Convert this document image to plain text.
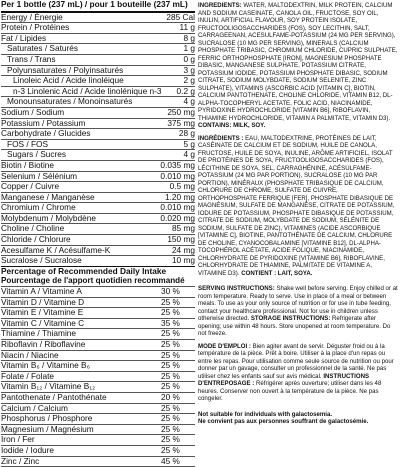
Per 1 bottle (237 mL) / pour 1 bouteille (237 mL)
Energy / Énergie	285 Cal
Protein / Protéines	11 g
Fat / Lipides	8 g
Saturates / Saturés	1 g
Trans / Trans	0 g
Polyunsaturates / Polyinsaturés	3 g
Linoleic Acid / Acide linoléique	2 g
n-3 Linolenic Acid / Acide linolénique n-3	0.2 g
Monounsaturates / Monoinsaturés	4 g
Sodium / Sodium	250 mg
Potassium / Potassium	375 mg
Carbohydrate / Glucides	28 g
FOS / FOS	5 g
Sugars / Sucres	4 g
Biotin / Biotine	0.035 mg
Selenium / Sélénium	0.010 mg
Copper / Cuivre	0.5 mg
Manganese / Manganèse	1.20 mg
Chromium / Chrome	0.010 mg
Molybdenum / Molybdène	0.020 mg
Choline / Choline	85 mg
Chloride / Chlorure	150 mg
Acesulfame K / Acésulfame-K	24 mg
Sucralose / Sucralose	10 mg
Percentage of Recommended Daily Intake
Pourcentage de l'apport quotidien recommandé
Vitamin A / Vitamine A	30 %
Vitamin D / Vitamine D	25 %
Vitamin E / Vitamine E	25 %
Vitamin C / Vitamine C	35 %
Thiamine / Thiamine	25 %
Riboflavin / Riboflavine	25 %
Niacin / Niacine	25 %
Vitamin B₆ / Vitamine B₆	25 %
Folate / Folate	25 %
Vitamin B₁₂ / Vitamine B₁₂	25 %
Pantothenate / Pantothénate	20 %
Calcium / Calcium	25 %
Phosphorus / Phosphore	25 %
Magnesium / Magnésium	25 %
Iron / Fer	25 %
Iodide / Iodure	25 %
Zinc / Zinc	45 %

INGREDIENTS: WATER, MALTODEXTRIN, MILK PROTEIN, CALCIUM AND SODIUM CASEINATE, CANOLA OIL, FRUCTOSE, SOY OIL, INULIN, ARTIFICIAL FLAVOUR, SOY PROTEIN ISOLATE, FRUCTOOLIGOSACCHARIDES (FOS), SOY LECITHIN, SALT, CARRAGEENAN, ACESULFAME-POTASSIUM (24 MG PER SERVING), SUCRALOSE (10 MG PER SERVING), MINERALS (CALCIUM PHOSPHATE TRIBASIC, CHROMIUM CHLORIDE, CUPRIC SULPHATE, FERRIC ORTHOPHOSPHATE [IRON], MAGNESIUM PHOSPHATE DIBASIC, MANGANESE SULPHATE, POTASSIUM CITRATE, POTASSIUM IODIDE, POTASSIUM PHOSPHATE DIBASIC, SODIUM CITRATE, SODIUM MOLYBDATE, SODIUM SELENITE, ZINC SULPHATE), VITAMINS (ASCORBIC ACID [VITAMIN C], BIOTIN, CALCIUM PANTOTHENATE, CHOLINE CHLORIDE, VITAMIN B12, DL-ALPHA-TOCOPHERYL ACETATE, FOLIC ACID, NIACINAMIDE, PYRIDOXINE HYDROCHLORIDE [VITAMIN B6], RIBOFLAVIN, THIAMINE HYDROCHLORIDE, VITAMIN A PALMITATE, VITAMIN D3). CONTAINS: MILK, SOY.

INGRÉDIENTS : EAU, MALTODEXTRINE, PROTÉINES DE LAIT, CASÉINATE DE CALCIUM ET DE SODIUM, HUILE DE CANOLA, FRUCTOSE, HUILE DE SOYA, INULINE, ARÔME ARTIFICIEL, ISOLAT DE PROTÉINES DE SOYA, FRUCTOOLIGOSACCHARIDES (FOS), LÉCITHINE DE SOYA, SEL, CARRAGHÉNINE, ACÉSULFAME-POTASSIUM (24 MG PAR PORTION), SUCRALOSE (10 MG PAR PORTION), MINÉRAUX (PHOSPHATE TRIBASIQUE DE CALCIUM, CHLORURE DE CHROME, SULFATE DE CUIVRE, ORTHOPHOSPHATE FERRIQUE [FER], PHOSPHATE DIBASIQUE DE MAGNÉSIUM, SULFATE DE MANGANÈSE, CITRATE DE POTASSIUM, IODURE DE POTASSIUM, PHOSPHATE DIBASIQUE DE POTASSIUM, CITRATE DE SODIUM, MOLYBDATE DE SODIUM, SÉLÉNITE DE SODIUM, SULFATE DE ZINC), VITAMINES (ACIDE ASCORBIQUE [VITAMINE C], BIOTINE, PANTOTHÉNATE DE CALCIUM, CHLORURE DE CHOLINE, CYANOCOBALAMINE [VITAMINE B12], DL-ALPHA-TOCOPHÉROL ACÉTATE, ACIDE FOLIQUE, NIACINAMIDE, CHLORHYDRATE DE PYRIDOXINE [VITAMINE B6], RIBOFLAVINE, CHLORHYDRATE DE THIAMINE, PALMITATE DE VITAMINE A, VITAMINE D3). CONTIENT : LAIT, SOYA.

SERVING INSTRUCTIONS: Shake well before serving. Enjoy chilled or at room temperature. Ready to serve. Use in place of a meal or between meals. To use as your only source of nutrition or for use in tube feeding, contact your healthcare professional. Not for use in children unless otherwise directed. STORAGE INSTRUCTIONS: Refrigerate after opening; use within 48 hours. Store unopened at room temperature. Do not freeze.

MODE D'EMPLOI : Bien agiter avant de servir. Déguster froid ou à la température de la pièce. Prêt à boire. Utiliser à la place d'un repas ou entre les repas. Pour utilisation comme seule source de nutrition ou pour donner par un gavage, consulter un professionnel de la santé. Ne pas utiliser chez les enfants sauf sur avis médical. INSTRUCTIONS D'ENTREPOSAGE : Réfrigérer après ouverture; utiliser dans les 48 heures. Conserver non ouvert à la température de la pièce. Ne pas congeler.

Not suitable for individuals with galactosemia.
Ne convient pas aux personnes souffrant de galactosémie.
